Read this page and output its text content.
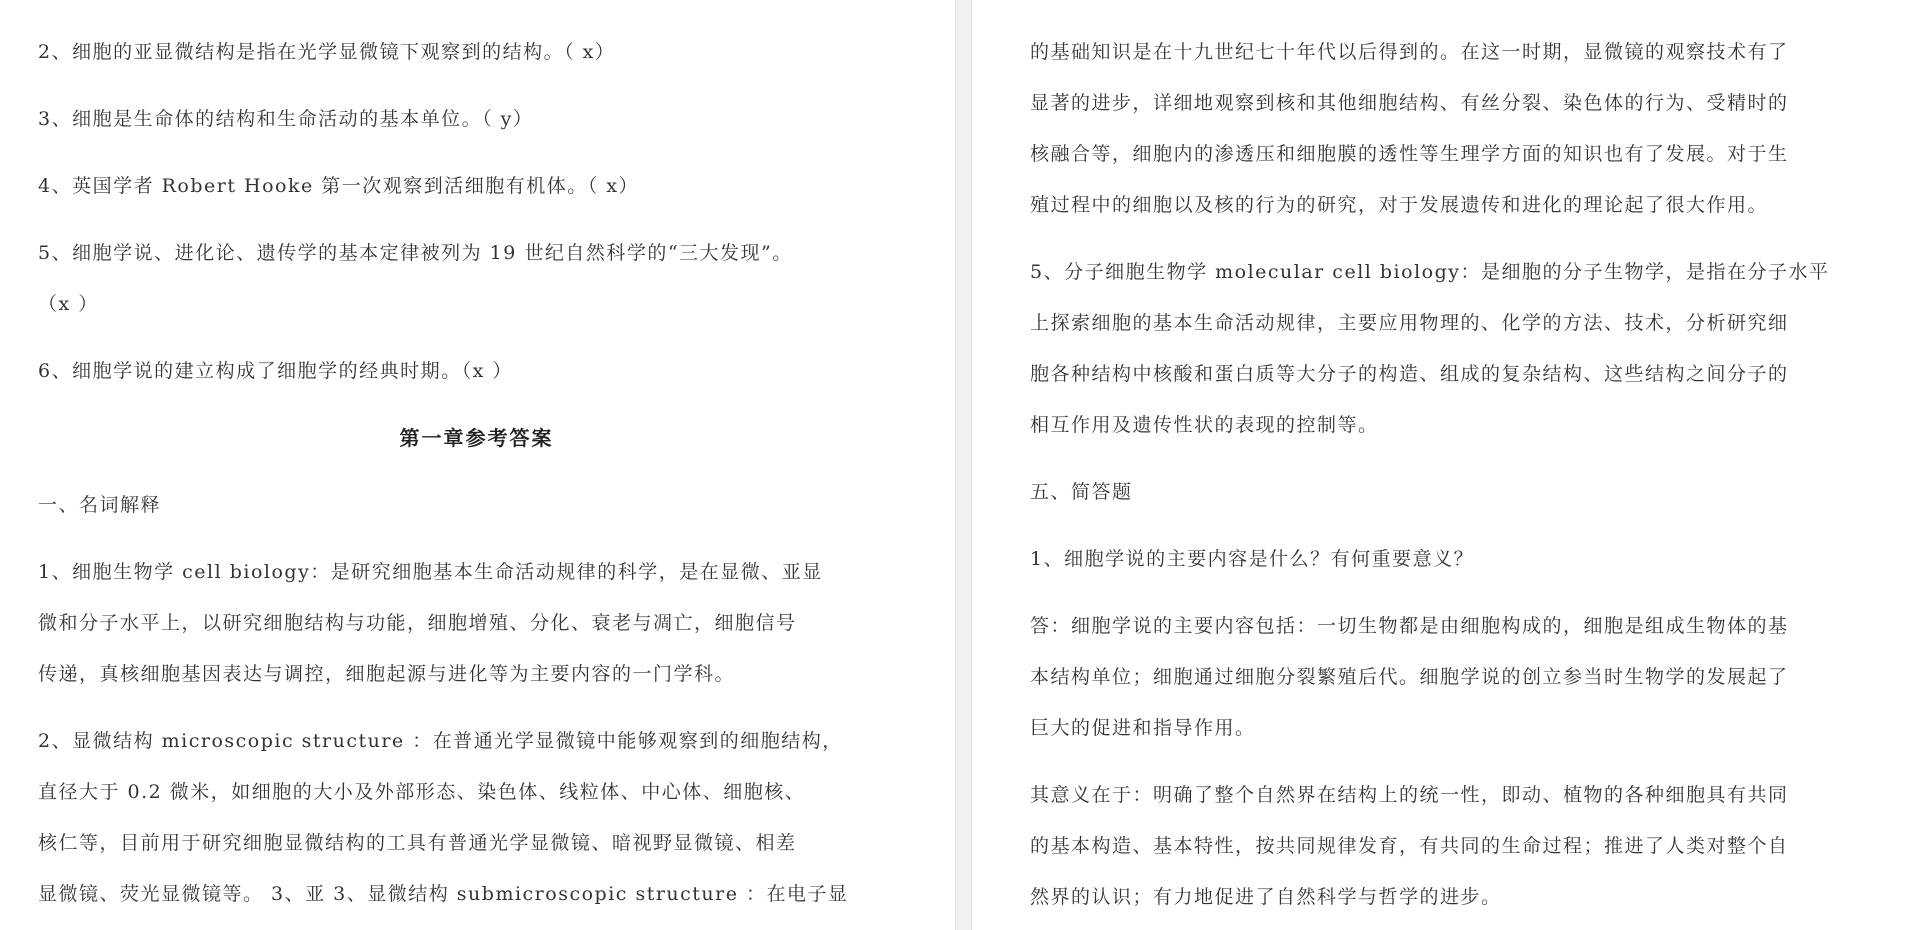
2、细胞的亚显微结构是指在光学显微镜下观察到的结构。（ x）

3、细胞是生命体的结构和生命活动的基本单位。（ y）

4、英国学者 Robert Hooke 第一次观察到活细胞有机体。（ x）

5、细胞学说、进化论、遗传学的基本定律被列为 19 世纪自然科学的“三大发现”。

（x ）

6、细胞学说的建立构成了细胞学的经典时期。（x ）

第一章参考答案

一、名词解释

1、细胞生物学 cell biology：是研究细胞基本生命活动规律的科学，是在显微、亚显

微和分子水平上，以研究细胞结构与功能，细胞增殖、分化、衰老与凋亡，细胞信号

传递，真核细胞基因表达与调控，细胞起源与进化等为主要内容的一门学科。

2、显微结构 microscopic structure ：在普通光学显微镜中能够观察到的细胞结构，

直径大于 0.2 微米，如细胞的大小及外部形态、染色体、线粒体、中心体、细胞核、

核仁等，目前用于研究细胞显微结构的工具有普通光学显微镜、暗视野显微镜、相差

显微镜、荧光显微镜等。 3、亚 3、显微结构 submicroscopic structure ：在电子显

的基础知识是在十九世纪七十年代以后得到的。在这一时期，显微镜的观察技术有了

显著的进步，详细地观察到核和其他细胞结构、有丝分裂、染色体的行为、受精时的

核融合等，细胞内的渗透压和细胞膜的透性等生理学方面的知识也有了发展。对于生

殖过程中的细胞以及核的行为的研究，对于发展遗传和进化的理论起了很大作用。

5、分子细胞生物学 molecular cell biology：是细胞的分子生物学，是指在分子水平

上探索细胞的基本生命活动规律，主要应用物理的、化学的方法、技术，分析研究细

胞各种结构中核酸和蛋白质等大分子的构造、组成的复杂结构、这些结构之间分子的

相互作用及遗传性状的表现的控制等。

五、简答题

1、细胞学说的主要内容是什么？有何重要意义？

答：细胞学说的主要内容包括：一切生物都是由细胞构成的，细胞是组成生物体的基

本结构单位；细胞通过细胞分裂繁殖后代。细胞学说的创立参当时生物学的发展起了

巨大的促进和指导作用。

其意义在于：明确了整个自然界在结构上的统一性，即动、植物的各种细胞具有共同

的基本构造、基本特性，按共同规律发育，有共同的生命过程；推进了人类对整个自

然界的认识；有力地促进了自然科学与哲学的进步。
